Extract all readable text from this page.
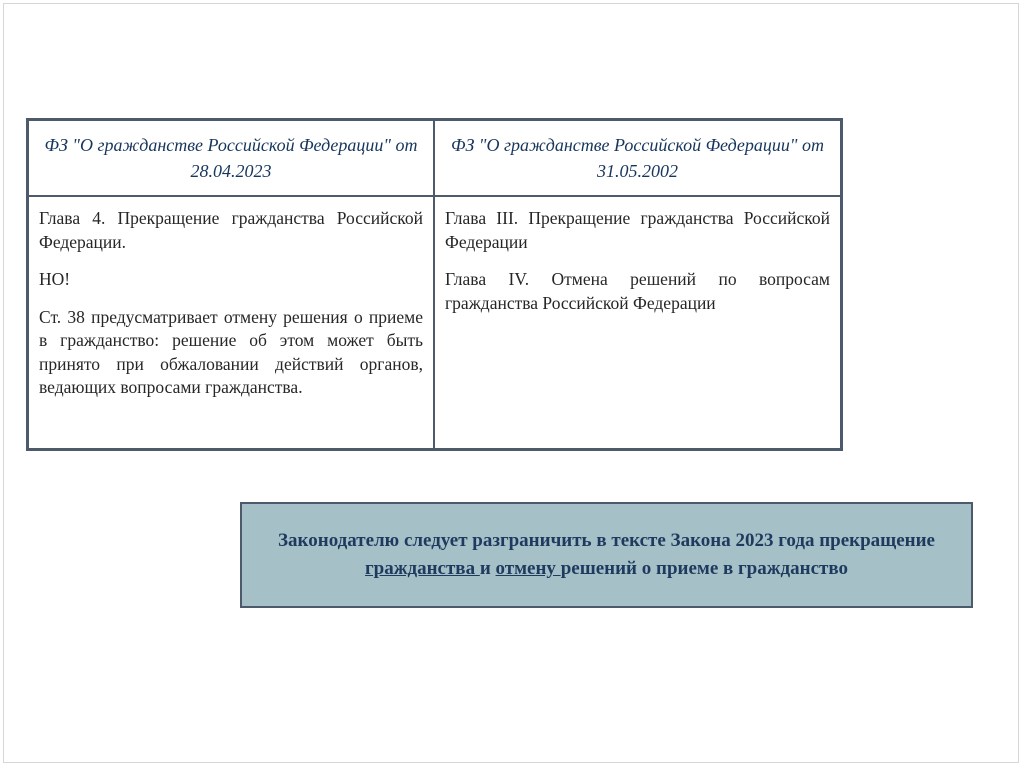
ФЗ "О гражданстве Российской Федерации" от 28.04.2023
ФЗ "О гражданстве Российской Федерации" от 31.05.2002

Глава 4. Прекращение гражданства Российской Федерации.

НО!

Ст. 38 предусматривает отмену решения о приеме в гражданство: решение об этом может быть принято при обжаловании действий органов, ведающих вопросами гражданства.

Глава III. Прекращение гражданства Российской Федерации

Глава IV. Отмена решений по вопросам гражданства Российской Федерации

Законодателю следует разграничить в тексте Закона 2023 года прекращение гражданства и отмену решений о приеме в гражданство
